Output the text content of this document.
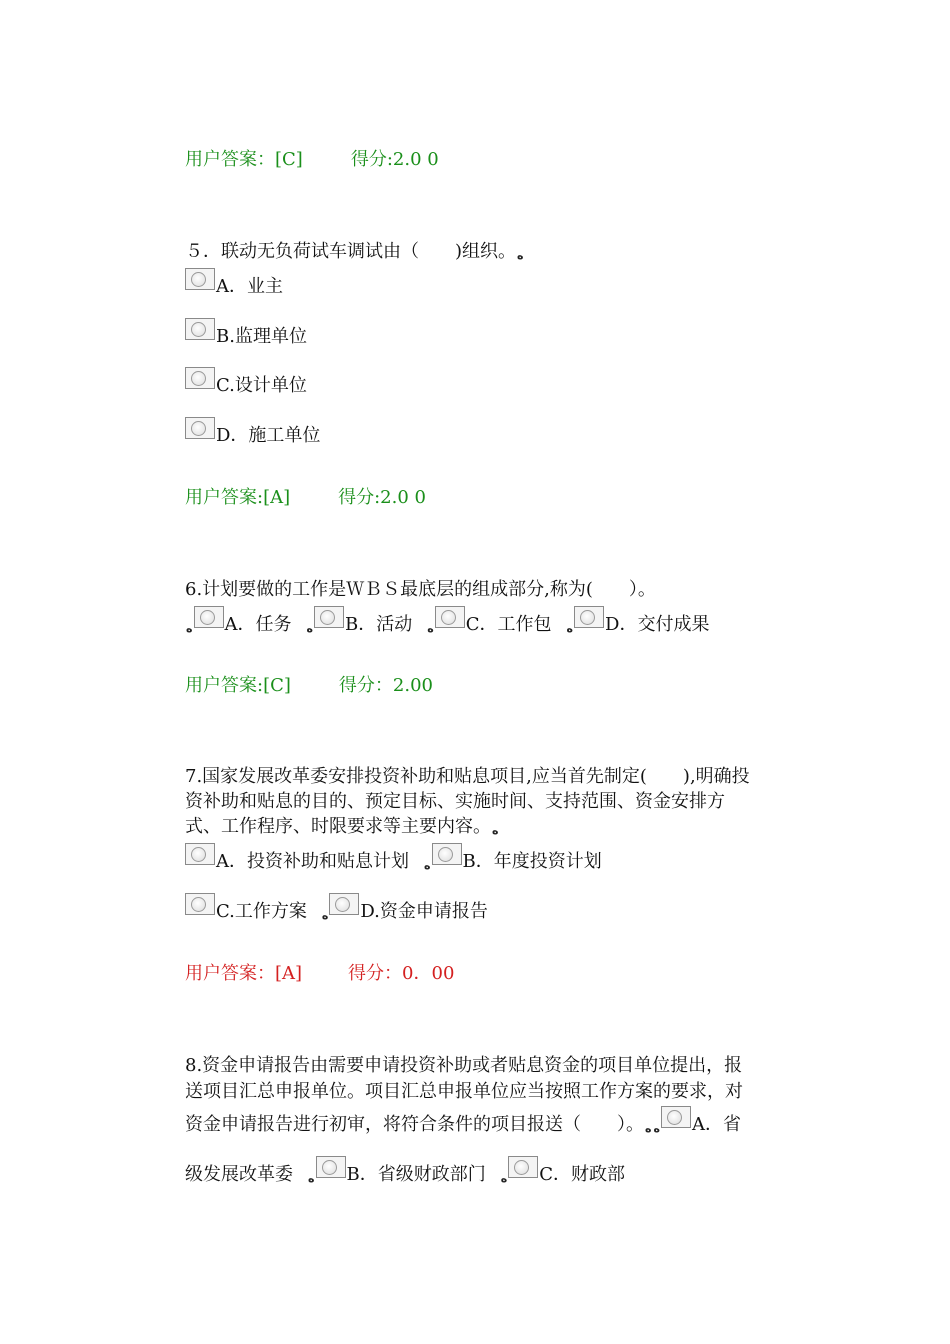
用户答案：[C]	得分:2.0 0
５．联动无负荷试车调试由（　　)组织。ه
A．业主
B.监理单位
C.设计单位
D．施工单位
用户答案:[A]	得分:2.0 0
6.计划要做的工作是ＷＢＳ最底层的组成部分,称为(　　）。
ه A．任务 ه B．活动 ه C．工作包 ه D．交付成果
用户答案:[C]	得分：2.00
7.国家发展改革委安排投资补助和贴息项目,应当首先制定(　　),明确投
资补助和贴息的目的、预定目标、实施时间、支持范围、资金安排方
式、工作程序、时限要求等主要内容。ه
A．投资补助和贴息计划 ه B．年度投资计划
C.工作方案 ه D.资金申请报告
用户答案：[A]	得分：0．00
8.资金申请报告由需要申请投资补助或者贴息资金的项目单位提出，报
送项目汇总申报单位。项目汇总申报单位应当按照工作方案的要求，对
资金申请报告进行初审，将符合条件的项目报送（　　）。ه ه A．省
级发展改革委 ه B．省级财政部门 ه C．财政部
